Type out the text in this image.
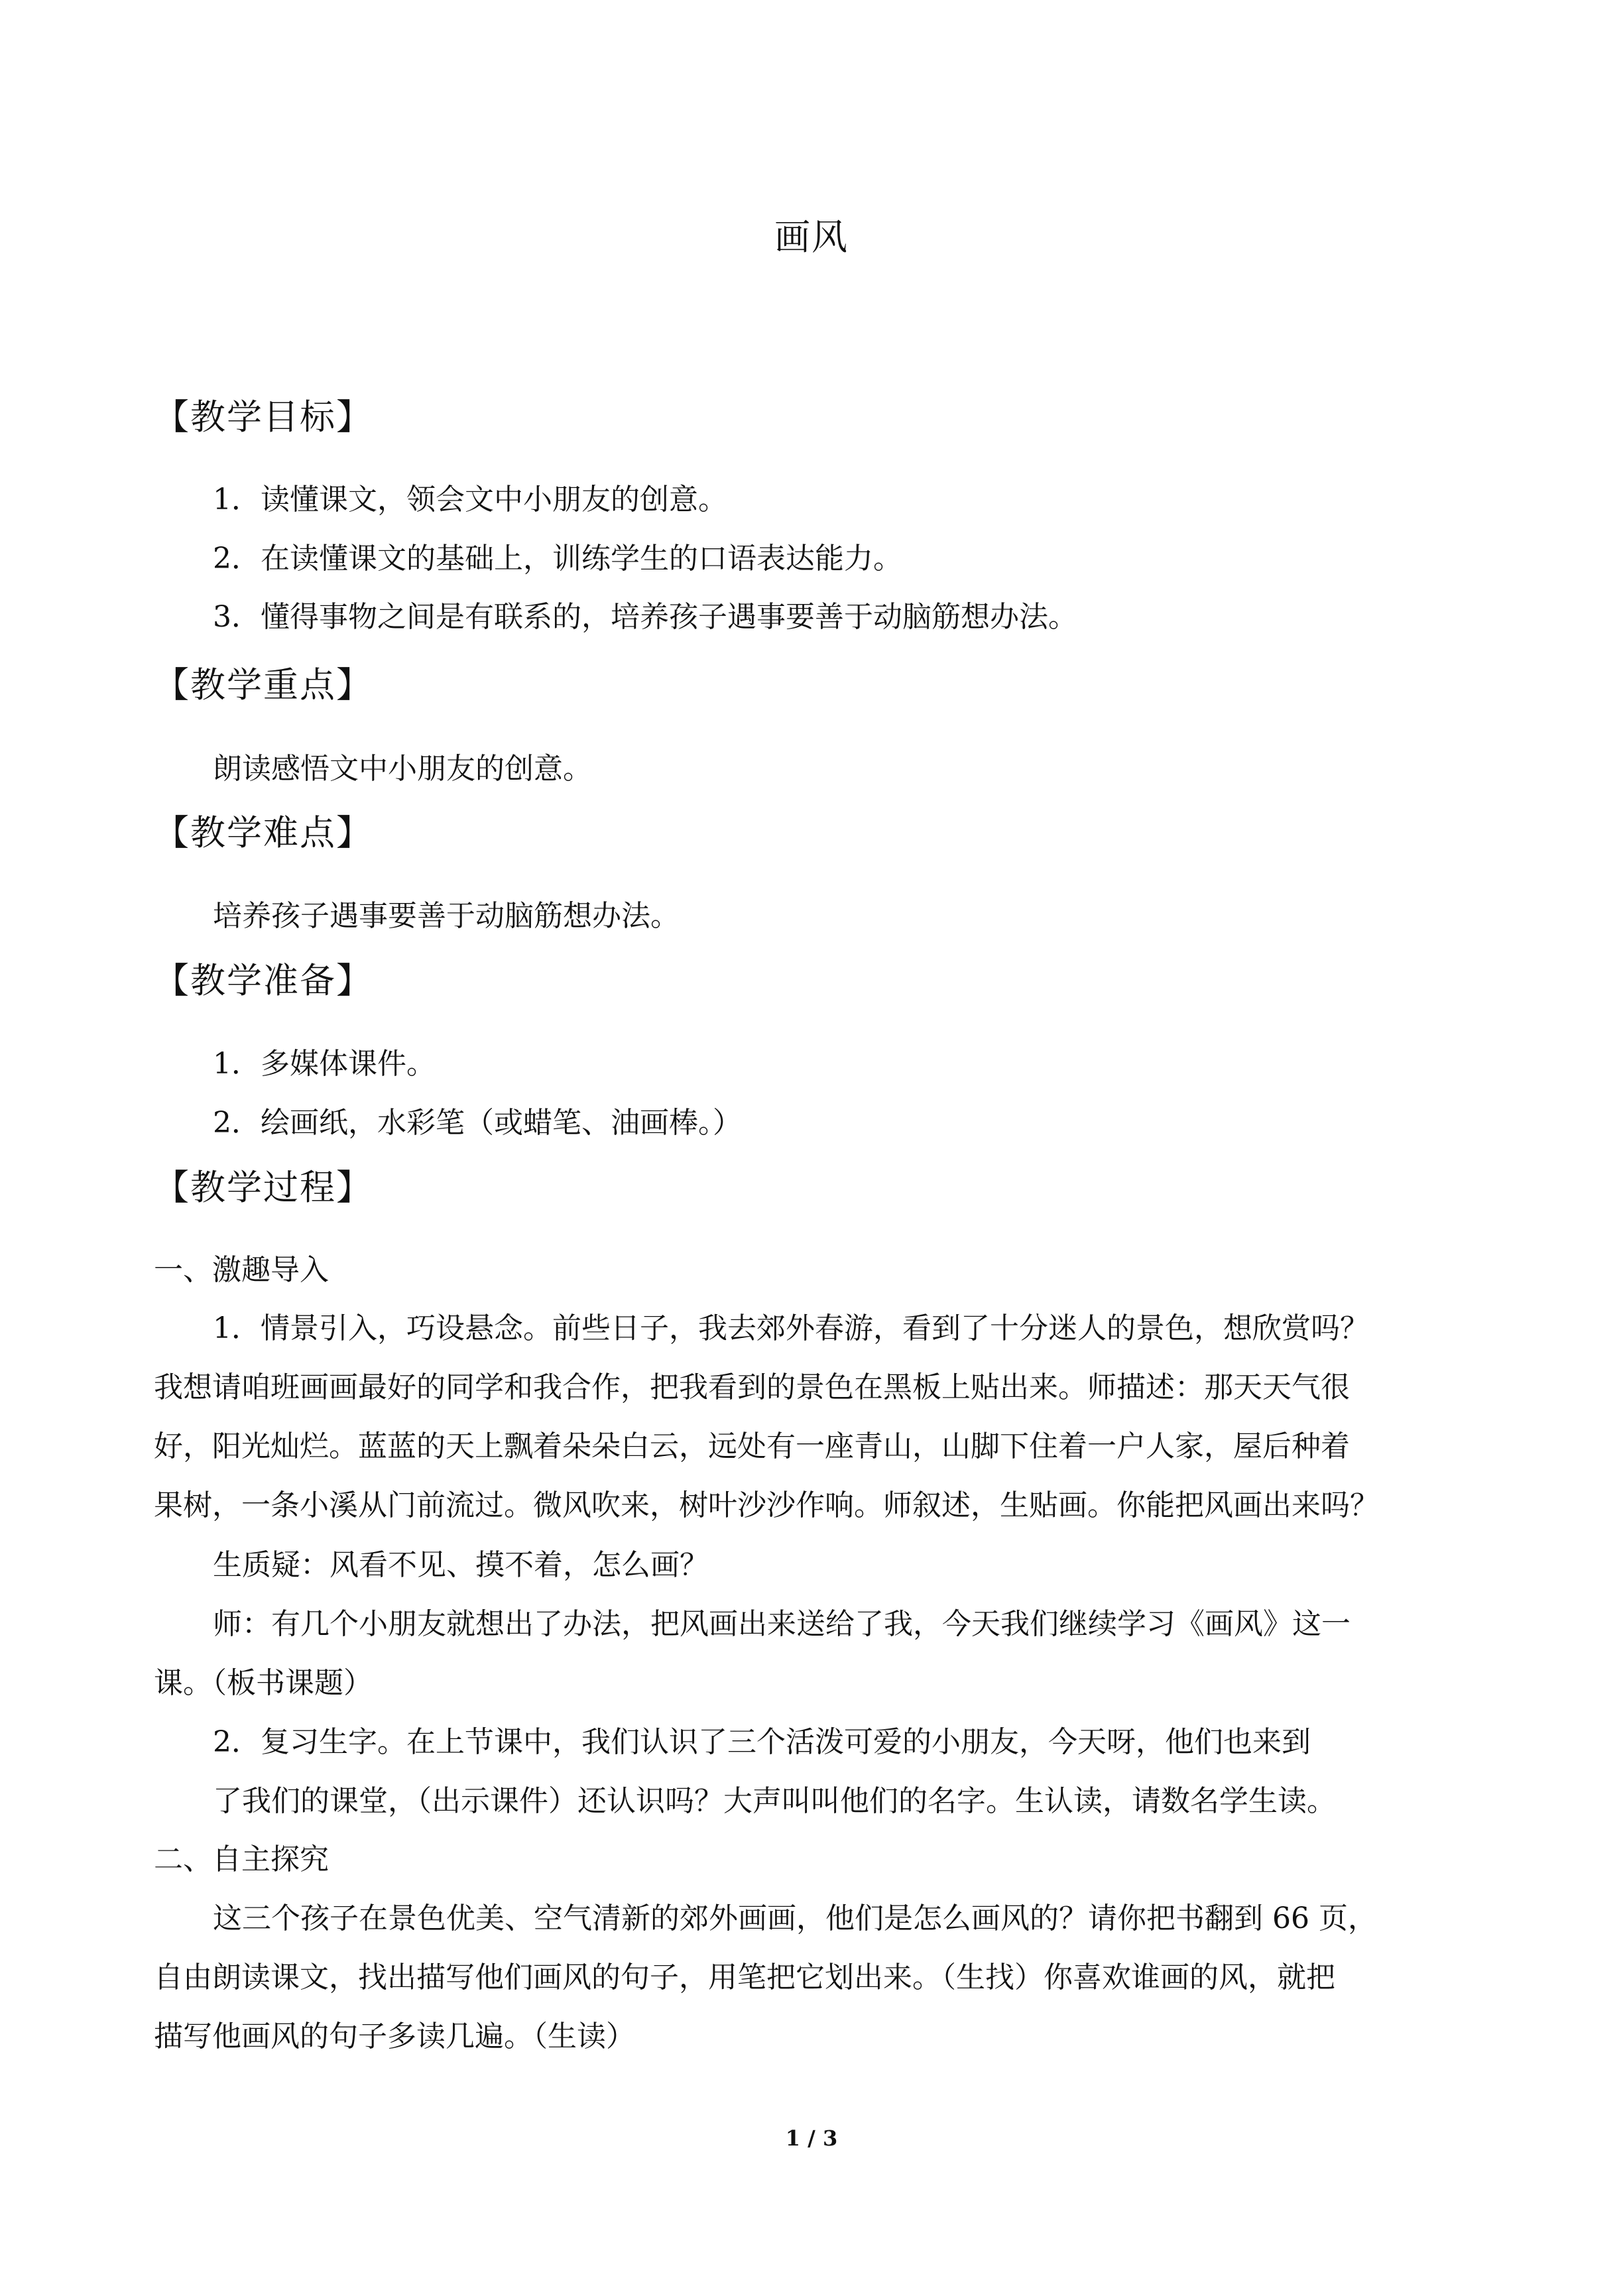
画风
【教学目标】
1．读懂课文，领会文中小朋友的创意。
2．在读懂课文的基础上，训练学生的口语表达能力。
3．懂得事物之间是有联系的，培养孩子遇事要善于动脑筋想办法。
【教学重点】
朗读感悟文中小朋友的创意。
【教学难点】
培养孩子遇事要善于动脑筋想办法。
【教学准备】
1．多媒体课件。
2．绘画纸，水彩笔（或蜡笔、油画棒。）
【教学过程】
一、激趣导入
1．情景引入，巧设悬念。前些日子，我去郊外春游，看到了十分迷人的景色，想欣赏吗？
我想请咱班画画最好的同学和我合作，把我看到的景色在黑板上贴出来。师描述：那天天气很
好，阳光灿烂。蓝蓝的天上飘着朵朵白云，远处有一座青山，山脚下住着一户人家，屋后种着
果树，一条小溪从门前流过。微风吹来，树叶沙沙作响。师叙述，生贴画。你能把风画出来吗？
生质疑：风看不见、摸不着，怎么画？
师：有几个小朋友就想出了办法，把风画出来送给了我，今天我们继续学习《画风》这一
课。（板书课题）
2．复习生字。在上节课中，我们认识了三个活泼可爱的小朋友，今天呀，他们也来到
了我们的课堂，（出示课件）还认识吗？大声叫叫他们的名字。生认读，请数名学生读。
二、自主探究
这三个孩子在景色优美、空气清新的郊外画画，他们是怎么画风的？请你把书翻到 66 页，
自由朗读课文，找出描写他们画风的句子，用笔把它划出来。（生找）你喜欢谁画的风，就把
描写他画风的句子多读几遍。（生读）
1 / 3
